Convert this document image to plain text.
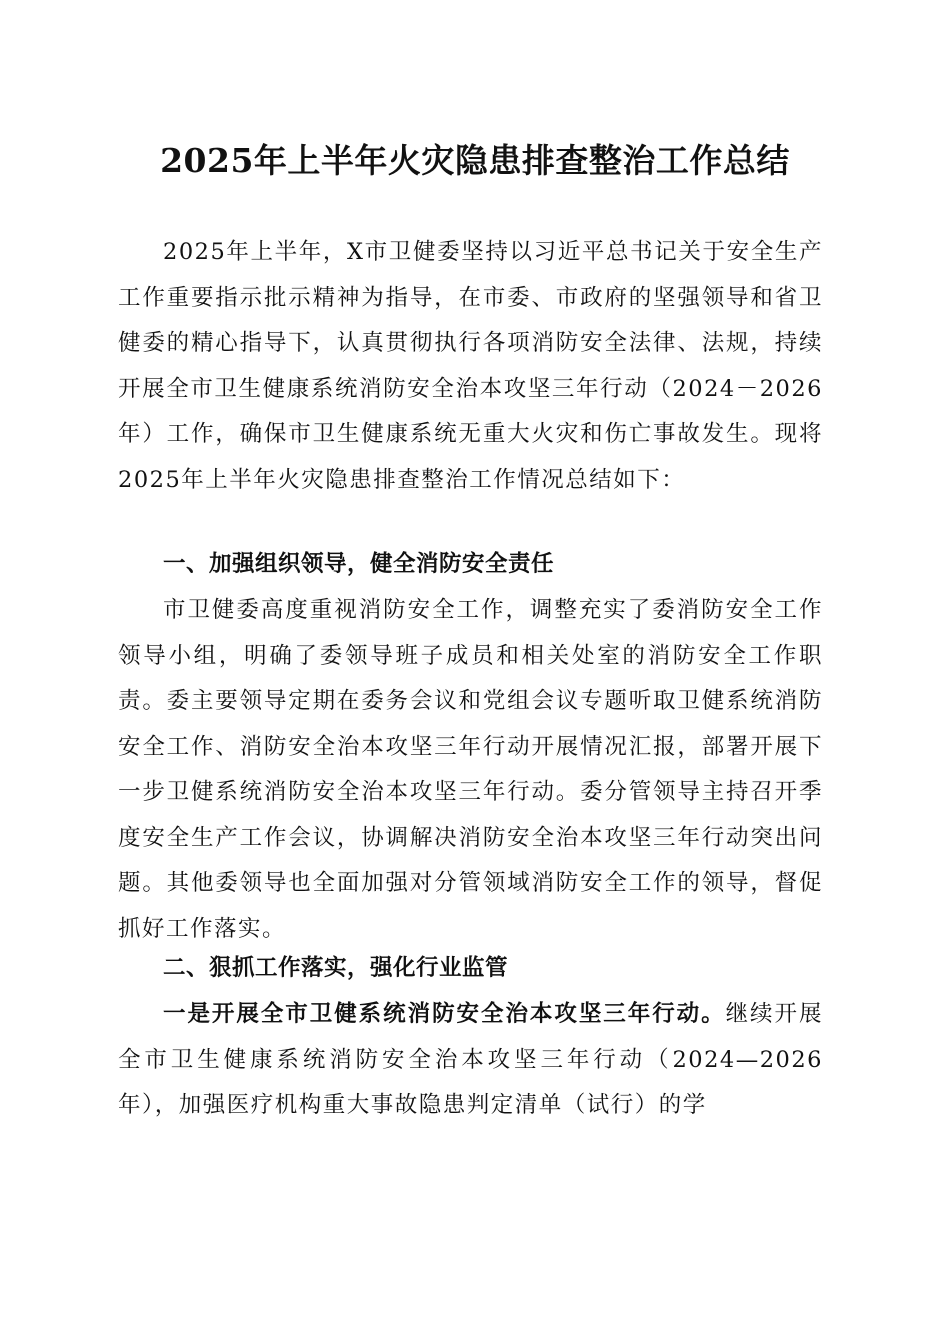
2025年上半年火灾隐患排查整治工作总结

2025年上半年，X市卫健委坚持以习近平总书记关于安全生产工作重要指示批示精神为指导，在市委、市政府的坚强领导和省卫健委的精心指导下，认真贯彻执行各项消防安全法律、法规，持续开展全市卫生健康系统消防安全治本攻坚三年行动（2024－2026年）工作，确保市卫生健康系统无重大火灾和伤亡事故发生。现将2025年上半年火灾隐患排查整治工作情况总结如下：

一、加强组织领导，健全消防安全责任

市卫健委高度重视消防安全工作，调整充实了委消防安全工作领导小组，明确了委领导班子成员和相关处室的消防安全工作职责。委主要领导定期在委务会议和党组会议专题听取卫健系统消防安全工作、消防安全治本攻坚三年行动开展情况汇报，部署开展下一步卫健系统消防安全治本攻坚三年行动。委分管领导主持召开季度安全生产工作会议，协调解决消防安全治本攻坚三年行动突出问题。其他委领导也全面加强对分管领域消防安全工作的领导，督促抓好工作落实。

二、狠抓工作落实，强化行业监管

一是开展全市卫健系统消防安全治本攻坚三年行动。继续开展全市卫生健康系统消防安全治本攻坚三年行动（2024—2026年），加强医疗机构重大事故隐患判定清单（试行）的学
